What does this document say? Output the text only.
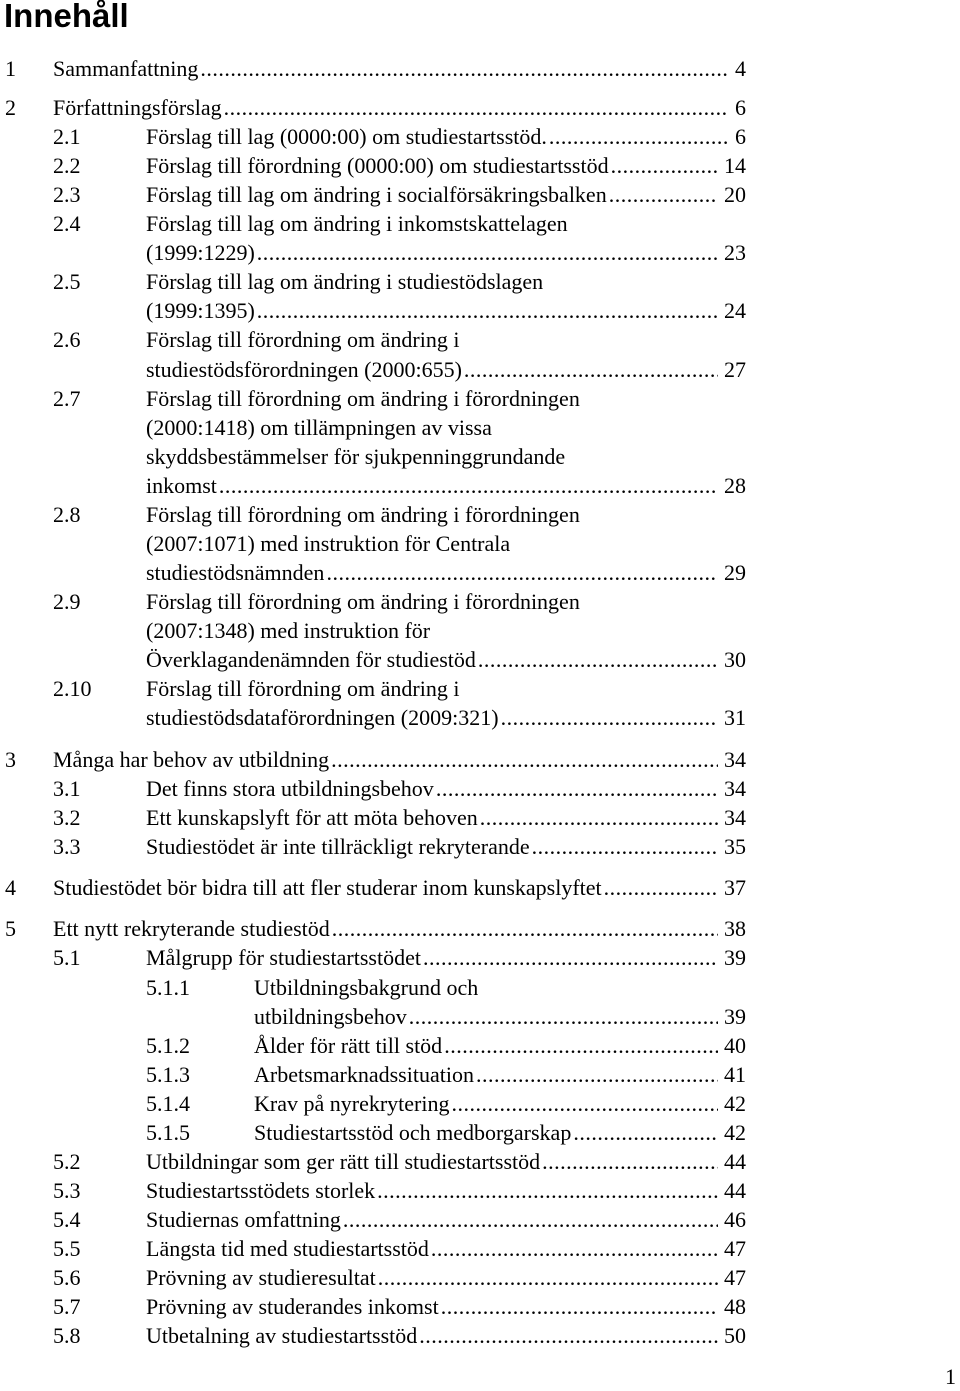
Innehåll
1 Sammanfattning .....	4
2 Författningsförslag .....	6
2.1	Förslag till lag (0000:00) om studiestartsstöd. .....	6
2.2	Förslag till förordning (0000:00) om studiestartsstöd .....	14
2.3	Förslag till lag om ändring i socialförsäkringsbalken .....	20
2.4	Förslag till lag om ändring i inkomstskattelagen
(1999:1229) .....	23
2.5	Förslag till lag om ändring i studiestödslagen
(1999:1395) .....	24
2.6	Förslag till förordning om ändring i
studiestödsförordningen (2000:655) .....	27
2.7	Förslag till förordning om ändring i förordningen
(2000:1418) om tillämpningen av vissa
skyddsbestämmelser för sjukpenninggrundande
inkomst .....	28
2.8	Förslag till förordning om ändring i förordningen
(2007:1071) med instruktion för Centrala
studiestödsnämnden .....	29
2.9	Förslag till förordning om ändring i förordningen
(2007:1348) med instruktion för
Överklagandenämnden för studiestöd .....	30
2.10 Förslag till förordning om ändring i
studiestödsdataförordningen (2009:321) .....	31
3 Många har behov av utbildning .....	34
3.1	Det finns stora utbildningsbehov .....	34
3.2	Ett kunskapslyft för att möta behoven .....	34
3.3	Studiestödet är inte tillräckligt rekryterande .....	35
4 Studiestödet bör bidra till att fler studerar inom kunskapslyftet .....	37
5 Ett nytt rekryterande studiestöd .....	38
5.1	Målgrupp för studiestartsstödet .....	39
5.1.1	Utbildningsbakgrund och
utbildningsbehov .....	39
5.1.2	Ålder för rätt till stöd .....	40
5.1.3	Arbetsmarknadssituation .....	41
5.1.4	Krav på nyrekrytering .....	42
5.1.5	Studiestartsstöd och medborgarskap .....	42
5.2	Utbildningar som ger rätt till studiestartsstöd .....	44
5.3	Studiestartsstödets storlek .....	44
5.4	Studiernas omfattning .....	46
5.5	Längsta tid med studiestartsstöd .....	47
5.6	Prövning av studieresultat .....	47
5.7	Prövning av studerandes inkomst .....	48
5.8	Utbetalning av studiestartsstöd .....	50
1
